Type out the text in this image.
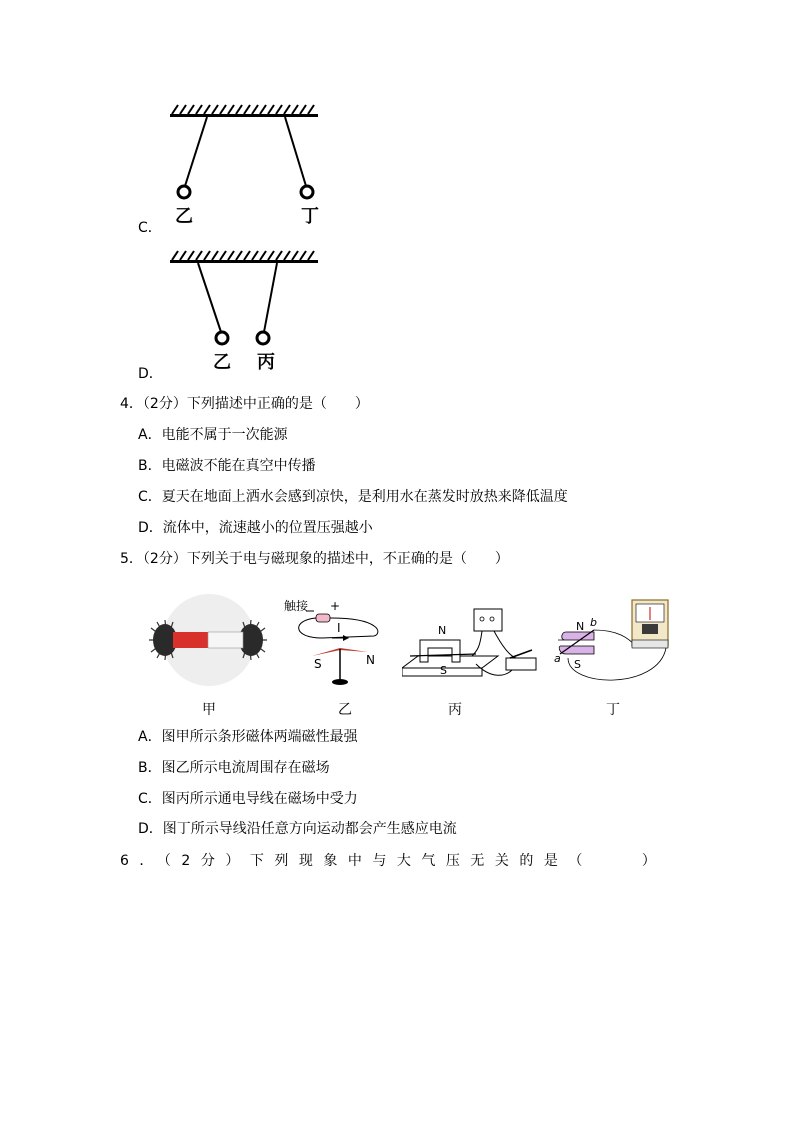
乙	丁
C．
乙 丙
D．
4．（2分）下列描述中正确的是（　　）
A．电能不属于一次能源
B．电磁波不能在真空中传播
C．夏天在地面上洒水会感到凉快，是利用水在蒸发时放热来降低温度
D．流体中，流速越小的位置压强越小
5．（2分）下列关于电与磁现象的描述中，不正确的是（　　）
甲
触接 +
I
S	N
乙
N
S
丙
N
S
b
a
丁
A．图甲所示条形磁体两端磁性最强
B．图乙所示电流周围存在磁场
C．图丙所示通电导线在磁场中受力
D．图丁所示导线沿任意方向运动都会产生感应电流
6．（2分）下列现象中与大气压无关的是（　　）
